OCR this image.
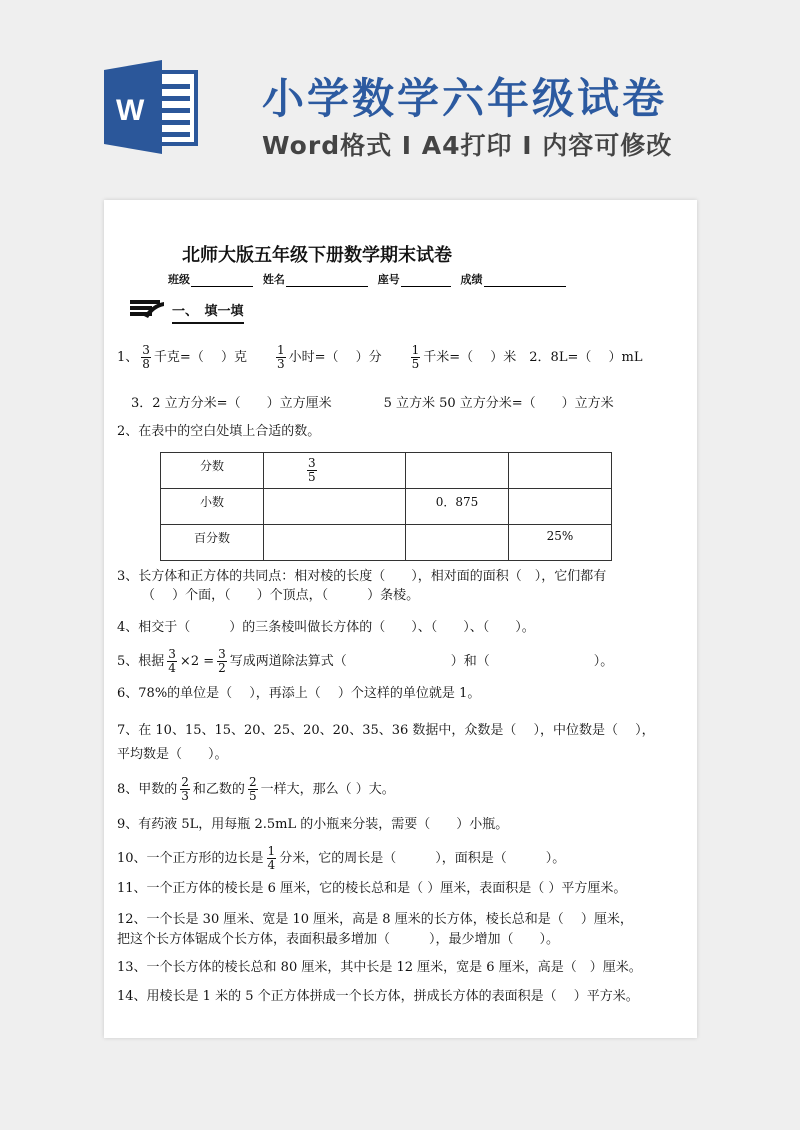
W	小学数学六年级试卷
Word格式 I A4打印 I 内容可修改
北师大版五年级下册数学期末试卷
班级	姓名	座号	成绩
一、　填一填
1、 $\frac{3}{8}$ 千克=（　 ）克　　 $\frac{1}{3}$ 小时=（　 ）分　　 $\frac{1}{5}$ 千米=（　 ）米　2．8L=（　 ）mL
3．2 立方分米=（　　）立方厘米　　　　5 立方米 50 立方分米=（　　）立方米
2、在表中的空白处填上合适的数。
分数	$\frac{3}{5}$

小数		0．875	
百分数			25%
3、长方体和正方体的共同点：相对棱的长度（　　），相对面的面积（　），它们都有
（　 ）个面，（　　）个顶点，（　　　）条棱。
4、相交于（　　　）的三条棱叫做长方体的（　　）、（　　）、（　　）。
5、根据 $\frac{3}{4} \times 2 = \frac{3}{2}$ 写成两道除法算式（　　　　　　　　）和（　　　　　　　　）。
6、78%的单位是（　 ），再添上（　 ）个这样的单位就是 1。
7、在 10、15、15、20、25、20、20、35、36 数据中，众数是（　 ），中位数是（　 ），
平均数是（　　）。
8、甲数的 $\frac{2}{3}$ 和乙数的 $\frac{2}{5}$ 一样大，那么（ ）大。
9、有药液 5L，用每瓶 2.5mL 的小瓶来分装，需要（　　）小瓶。
10、一个正方形的边长是 $\frac{1}{4}$ 分米，它的周长是（　　　），面积是（　　　）。
11、一个正方体的棱长是 6 厘米，它的棱长总和是（ ）厘米，表面积是（ ）平方厘米。
12、一个长是 30 厘米、宽是 10 厘米，高是 8 厘米的长方体，棱长总和是（　 ）厘米，
把这个长方体锯成个长方体，表面积最多增加（　　　），最少增加（　　）。
13、一个长方体的棱长总和 80 厘米，其中长是 12 厘米，宽是 6 厘米，高是（　）厘米。
14、用棱长是 1 米的 5 个正方体拼成一个长方体，拼成长方体的表面积是（　 ）平方米。
